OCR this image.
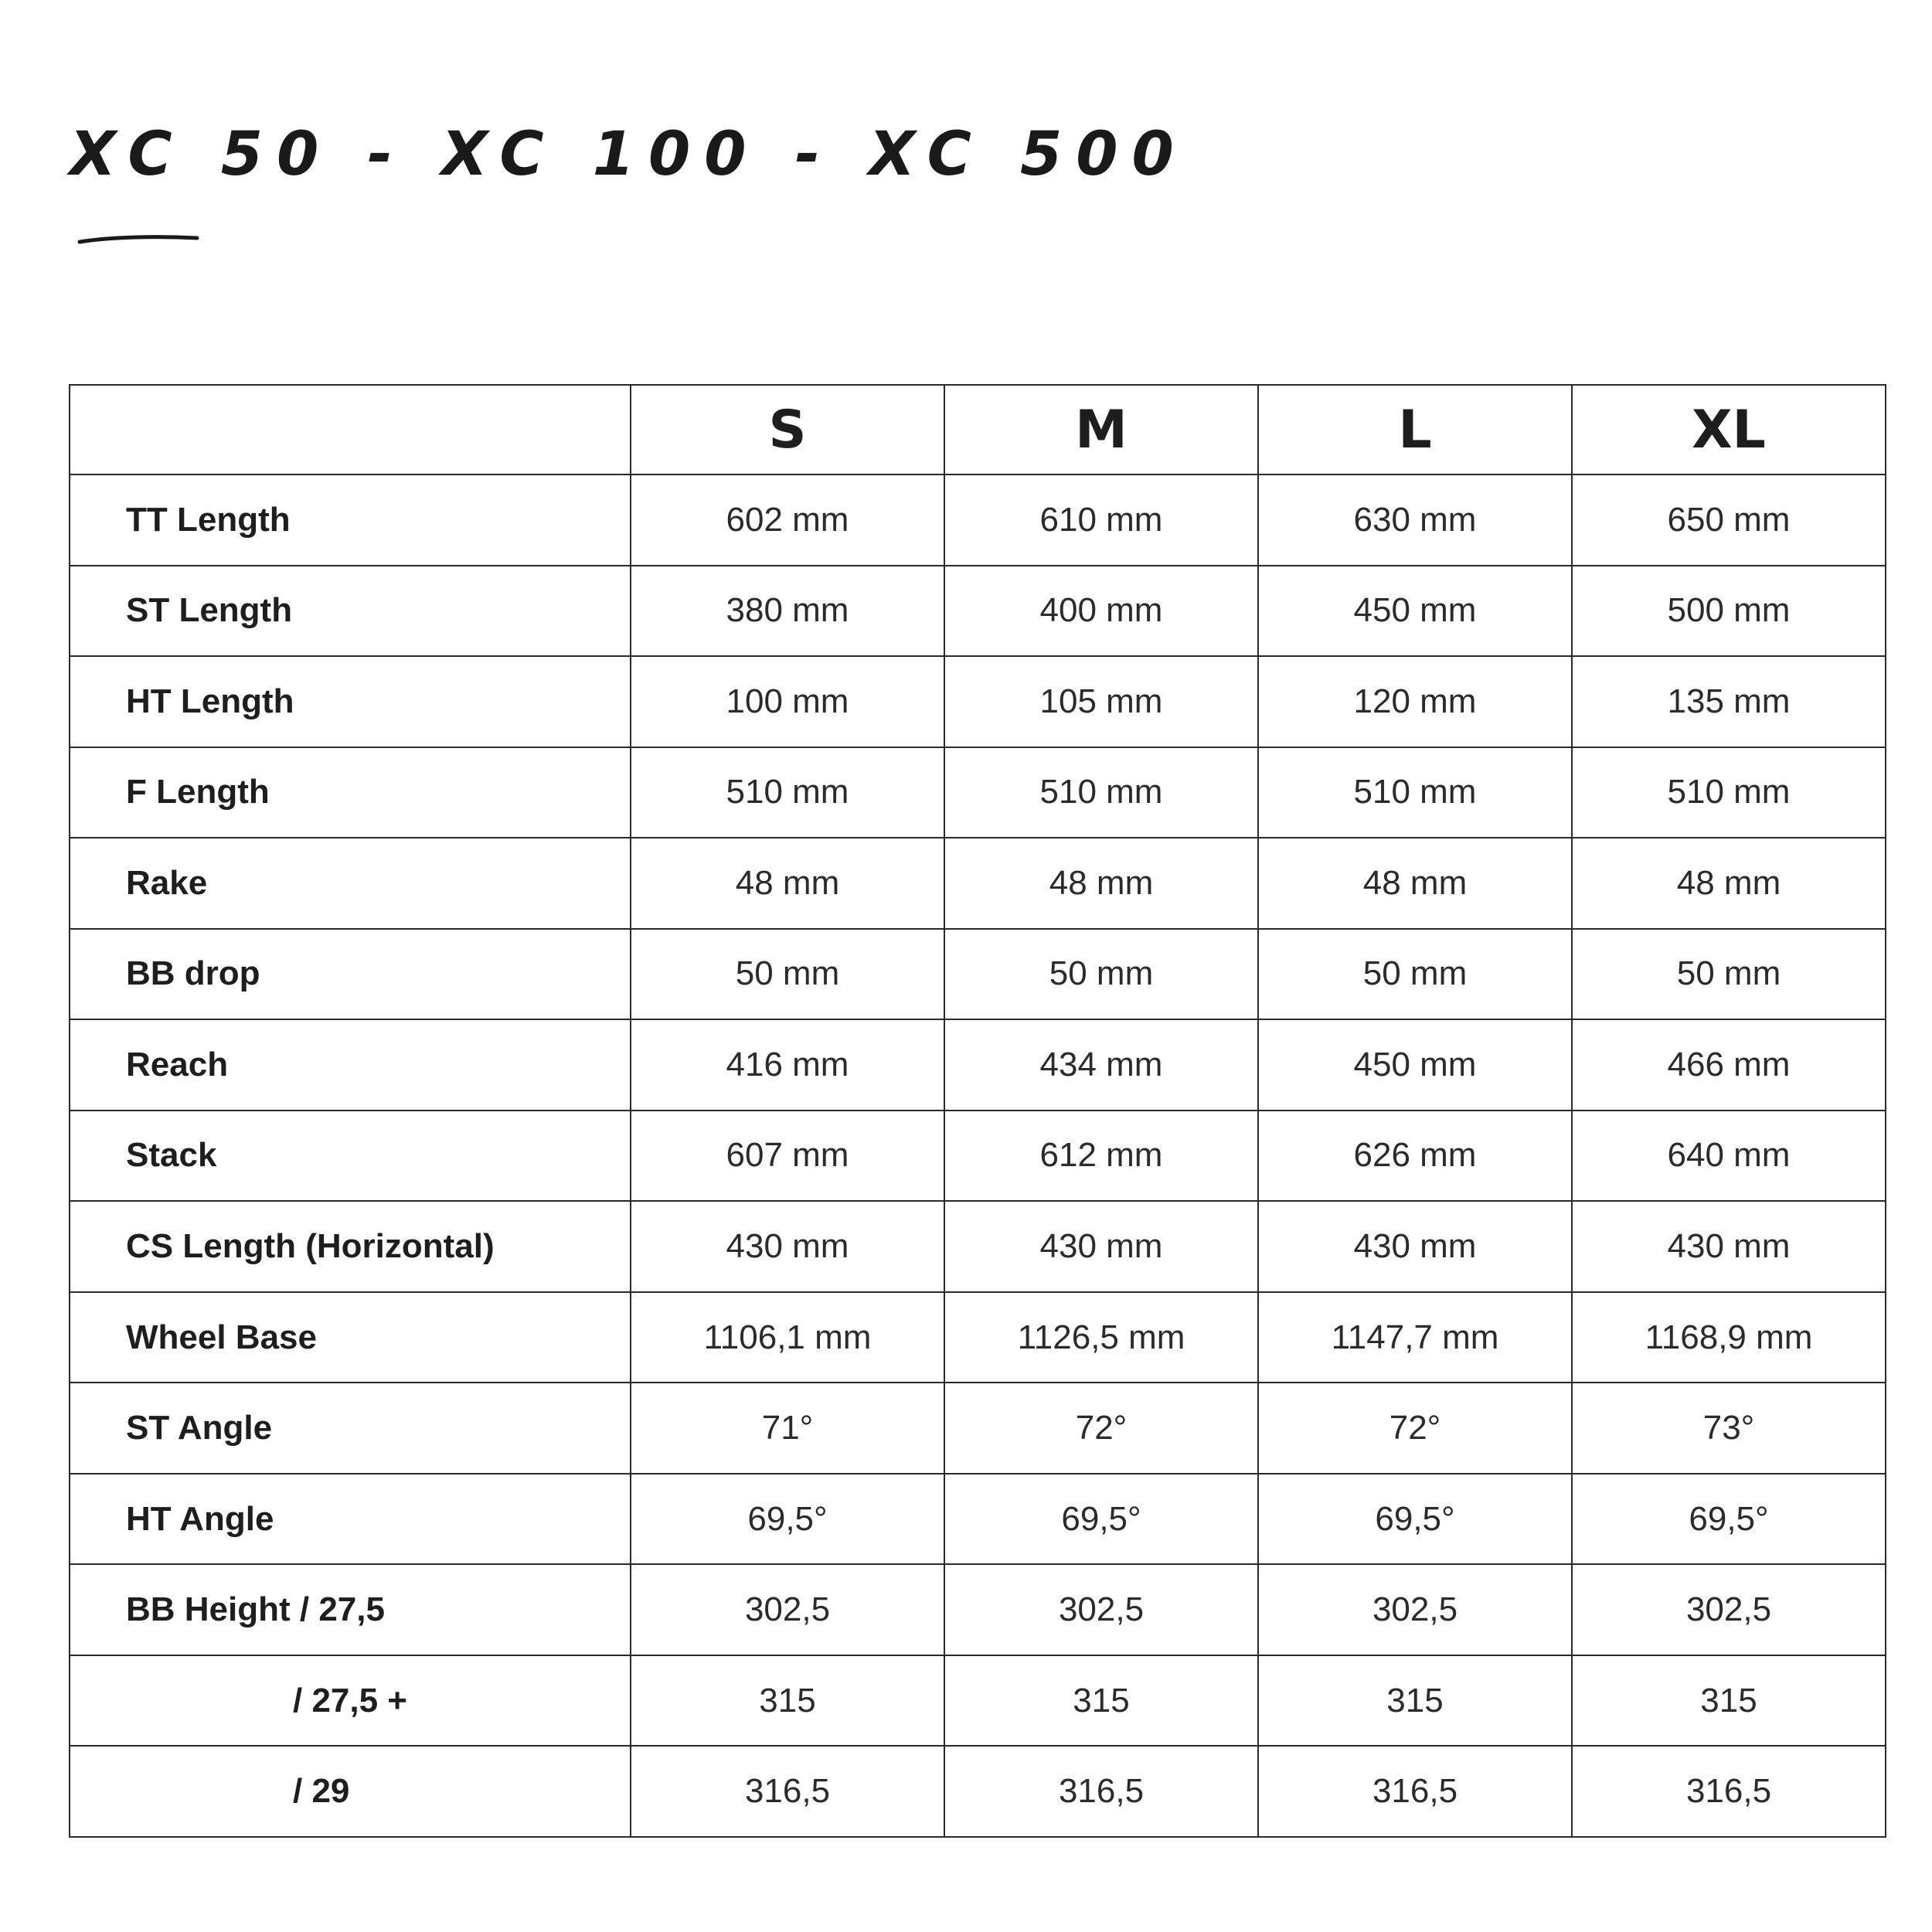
XC 50 - XC 100 - XC 500
	S	M	L	XL
TT Length	602 mm	610 mm	630 mm	650 mm
ST Length	380 mm	400 mm	450 mm	500 mm
HT Length	100 mm	105 mm	120 mm	135 mm
F Length	510 mm	510 mm	510 mm	510 mm
Rake	48 mm	48 mm	48 mm	48 mm
BB drop	50 mm	50 mm	50 mm	50 mm
Reach	416 mm	434 mm	450 mm	466 mm
Stack	607 mm	612 mm	626 mm	640 mm
CS Length (Horizontal)	430 mm	430 mm	430 mm	430 mm
Wheel Base	1106,1 mm	1126,5 mm	1147,7 mm	1168,9 mm
ST Angle	71°	72°	72°	73°
HT Angle	69,5°	69,5°	69,5°	69,5°
BB Height / 27,5	302,5	302,5	302,5	302,5
/ 27,5 +	315	315	315	315
/ 29	316,5	316,5	316,5	316,5
